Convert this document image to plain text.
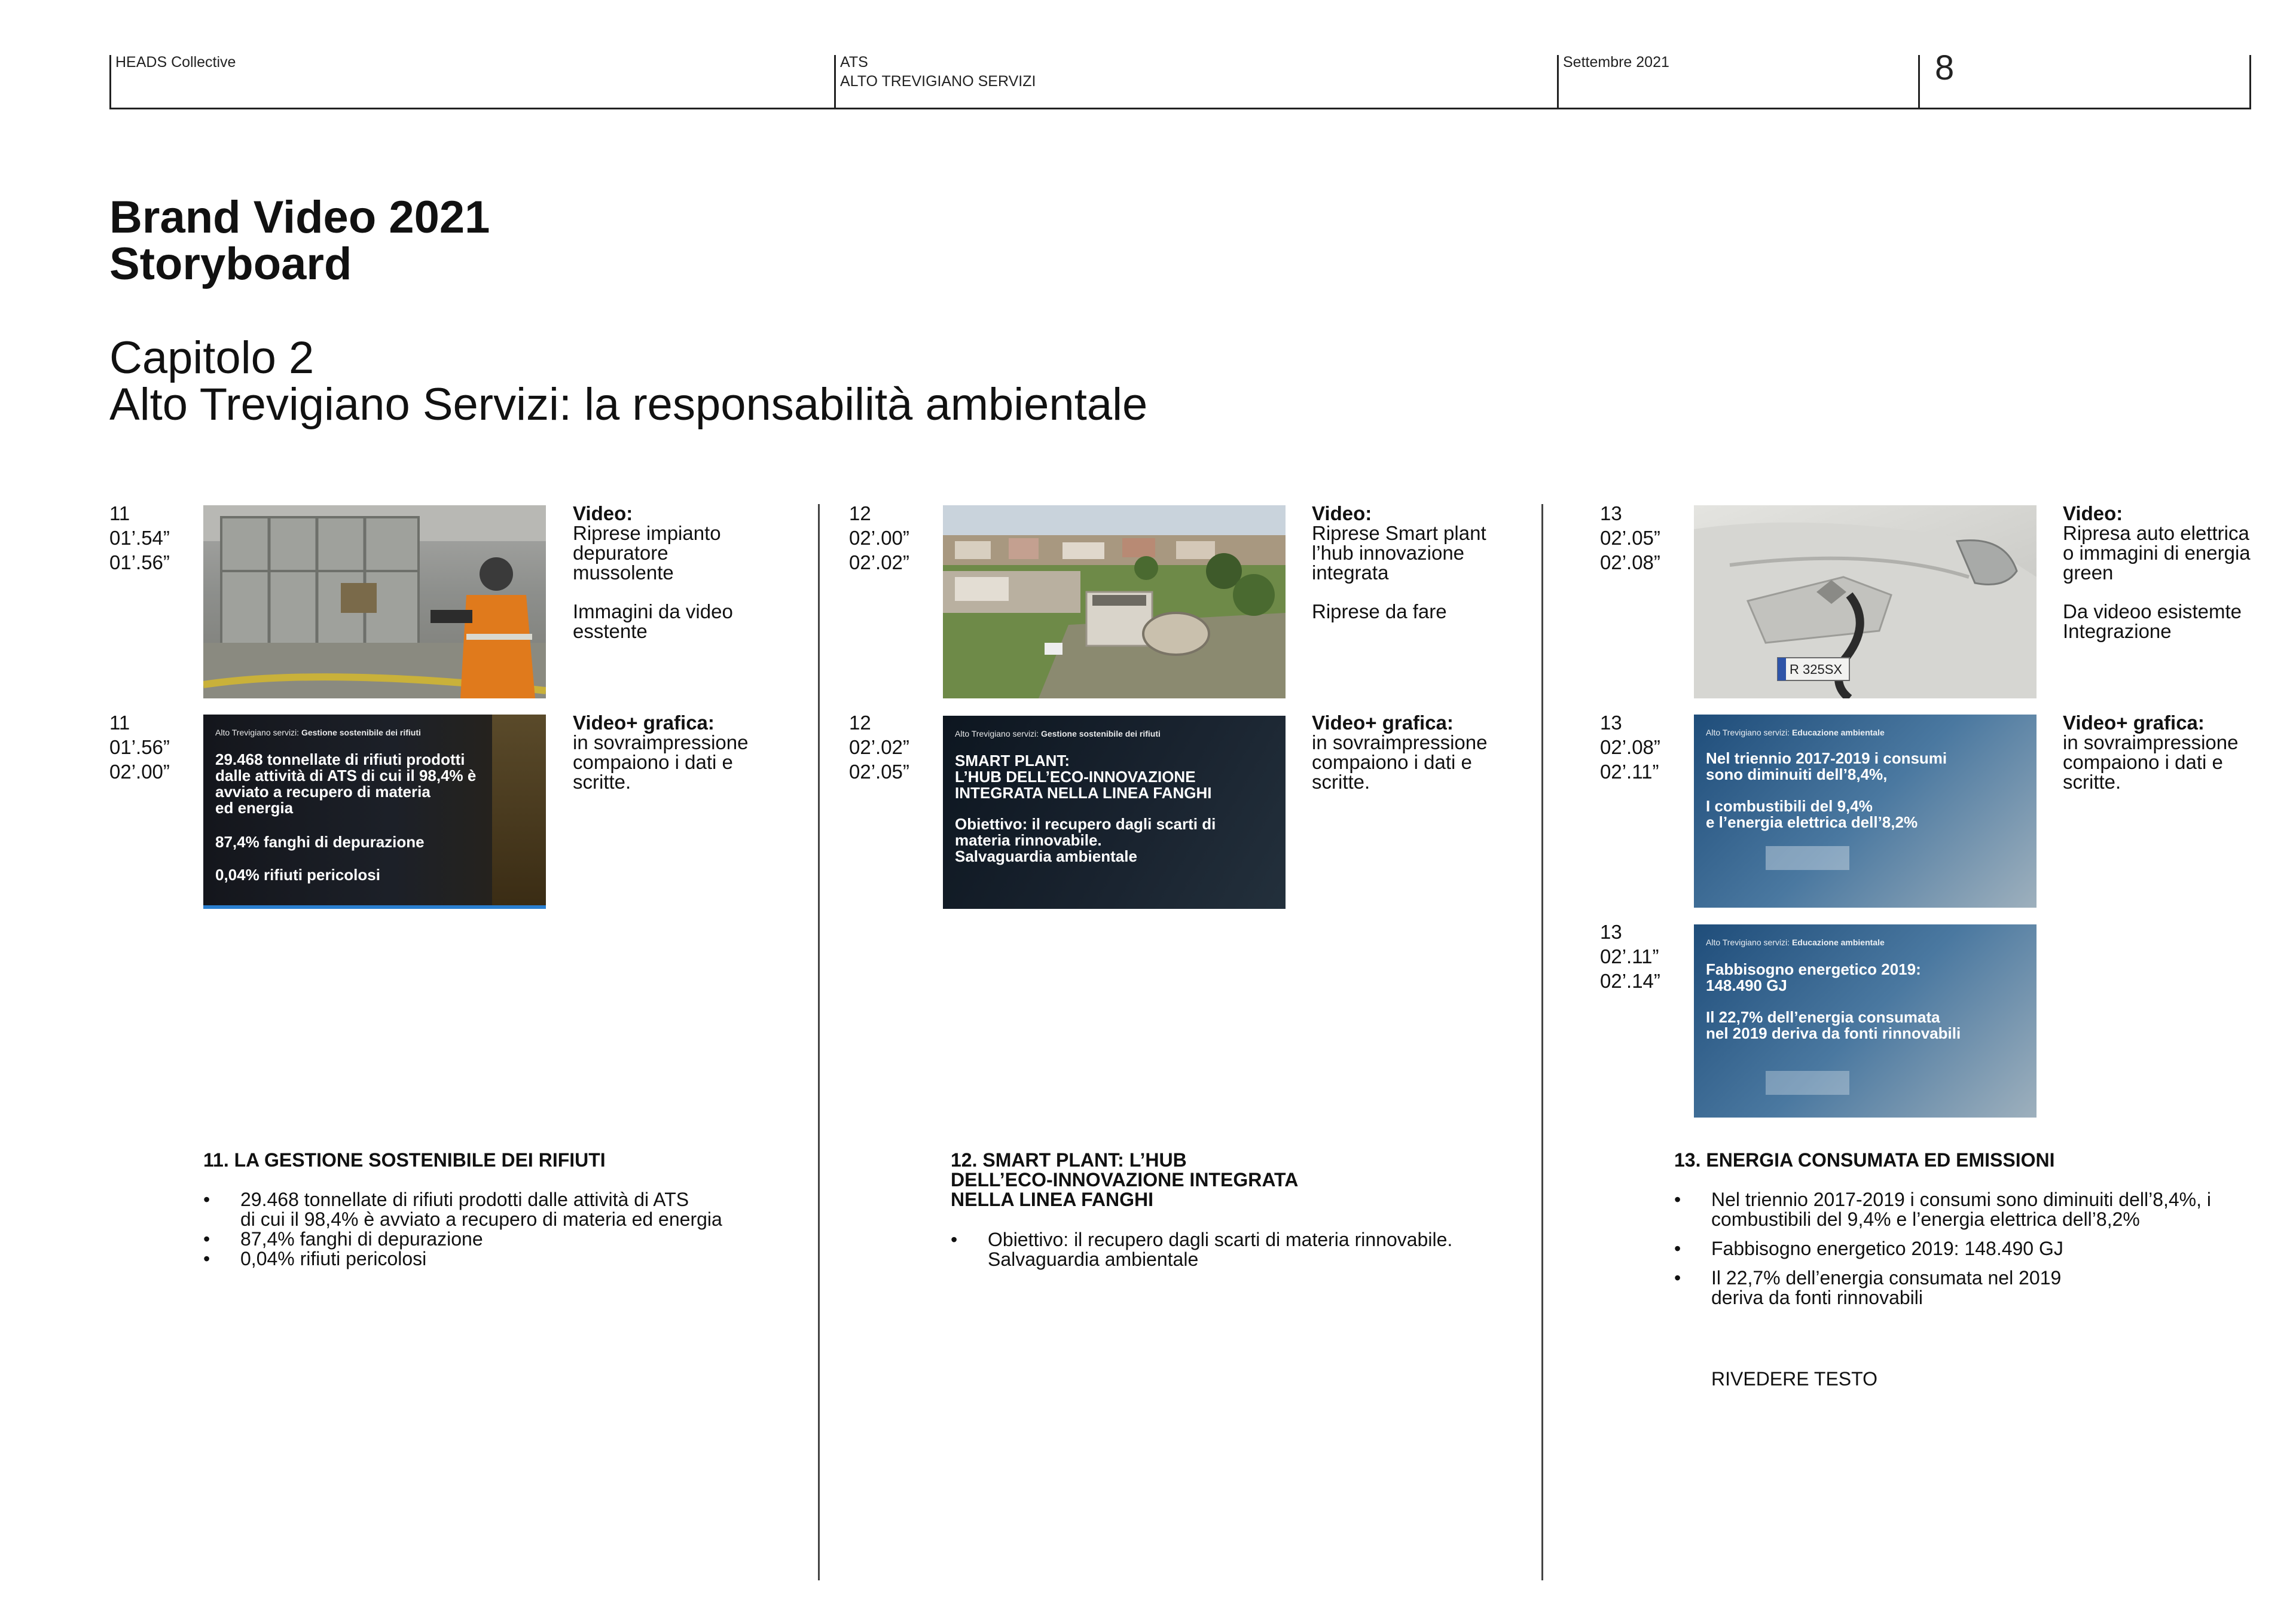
HEADS Collective	ATS
ALTO TREVIGIANO SERVIZI
Settembre 2021	8
Brand Video 2021
Storyboard
Capitolo 2
Alto Trevigiano Servizi: la responsabilità ambientale
11
01’.54”
01’.56”
Video:
Riprese impianto depuratore mussolente
Immagini da video esstente
11
01’.56”
02’.00”
Alto Trevigiano servizi: Gestione sostenibile dei rifiuti
29.468 tonnellate di rifiuti prodotti
dalle attività di ATS di cui il 98,4% è
avviato a recupero di materia
ed energia
87,4% fanghi di depurazione
0,04% rifiuti pericolosi
Video+ grafica:
in sovraimpressione compaiono i dati e scritte.
11. LA GESTIONE SOSTENIBILE DEI RIFIUTI
• 29.468 tonnellate di rifiuti prodotti dalle attività di ATS
di cui il 98,4% è avviato a recupero di materia ed energia
• 87,4% fanghi di depurazione
• 0,04% rifiuti pericolosi
12
02’.00”
02’.02”
Video:
Riprese Smart plant l’hub innovazione integrata
Riprese da fare
12
02’.02”
02’.05”
Alto Trevigiano servizi: Gestione sostenibile dei rifiuti
SMART PLANT:
L’HUB DELL’ECO-INNOVAZIONE
INTEGRATA NELLA LINEA FANGHI
Obiettivo: il recupero dagli scarti di
materia rinnovabile.
Salvaguardia ambientale
Video+ grafica:
in sovraimpressione compaiono i dati e scritte.
12. SMART PLANT: L’HUB
DELL’ECO-INNOVAZIONE INTEGRATA
NELLA LINEA FANGHI
• Obiettivo: il recupero dagli scarti di materia rinnovabile.
Salvaguardia ambientale
13
02’.05”
02’.08”
R 325SX
Video:
Ripresa auto elettrica o immagini di energia green
Da videoo esistemte Integrazione
13
02’.08”
02’.11”
Alto Trevigiano servizi: Educazione ambientale
Nel triennio 2017-2019 i consumi
sono diminuiti dell’8,4%,
I combustibili del 9,4%
e l’energia elettrica dell’8,2%
Video+ grafica:
in sovraimpressione compaiono i dati e scritte.
13
02’.11”
02’.14”
Alto Trevigiano servizi: Educazione ambientale
Fabbisogno energetico 2019:
148.490 GJ
Il 22,7% dell’energia consumata
nel 2019 deriva da fonti rinnovabili
13. ENERGIA CONSUMATA ED EMISSIONI
• Nel triennio 2017-2019 i consumi sono diminuiti dell’8,4%, i
combustibili del 9,4% e l’energia elettrica dell’8,2%
• Fabbisogno energetico 2019: 148.490 GJ
• Il 22,7% dell’energia consumata nel 2019
deriva da fonti rinnovabili
RIVEDERE TESTO
